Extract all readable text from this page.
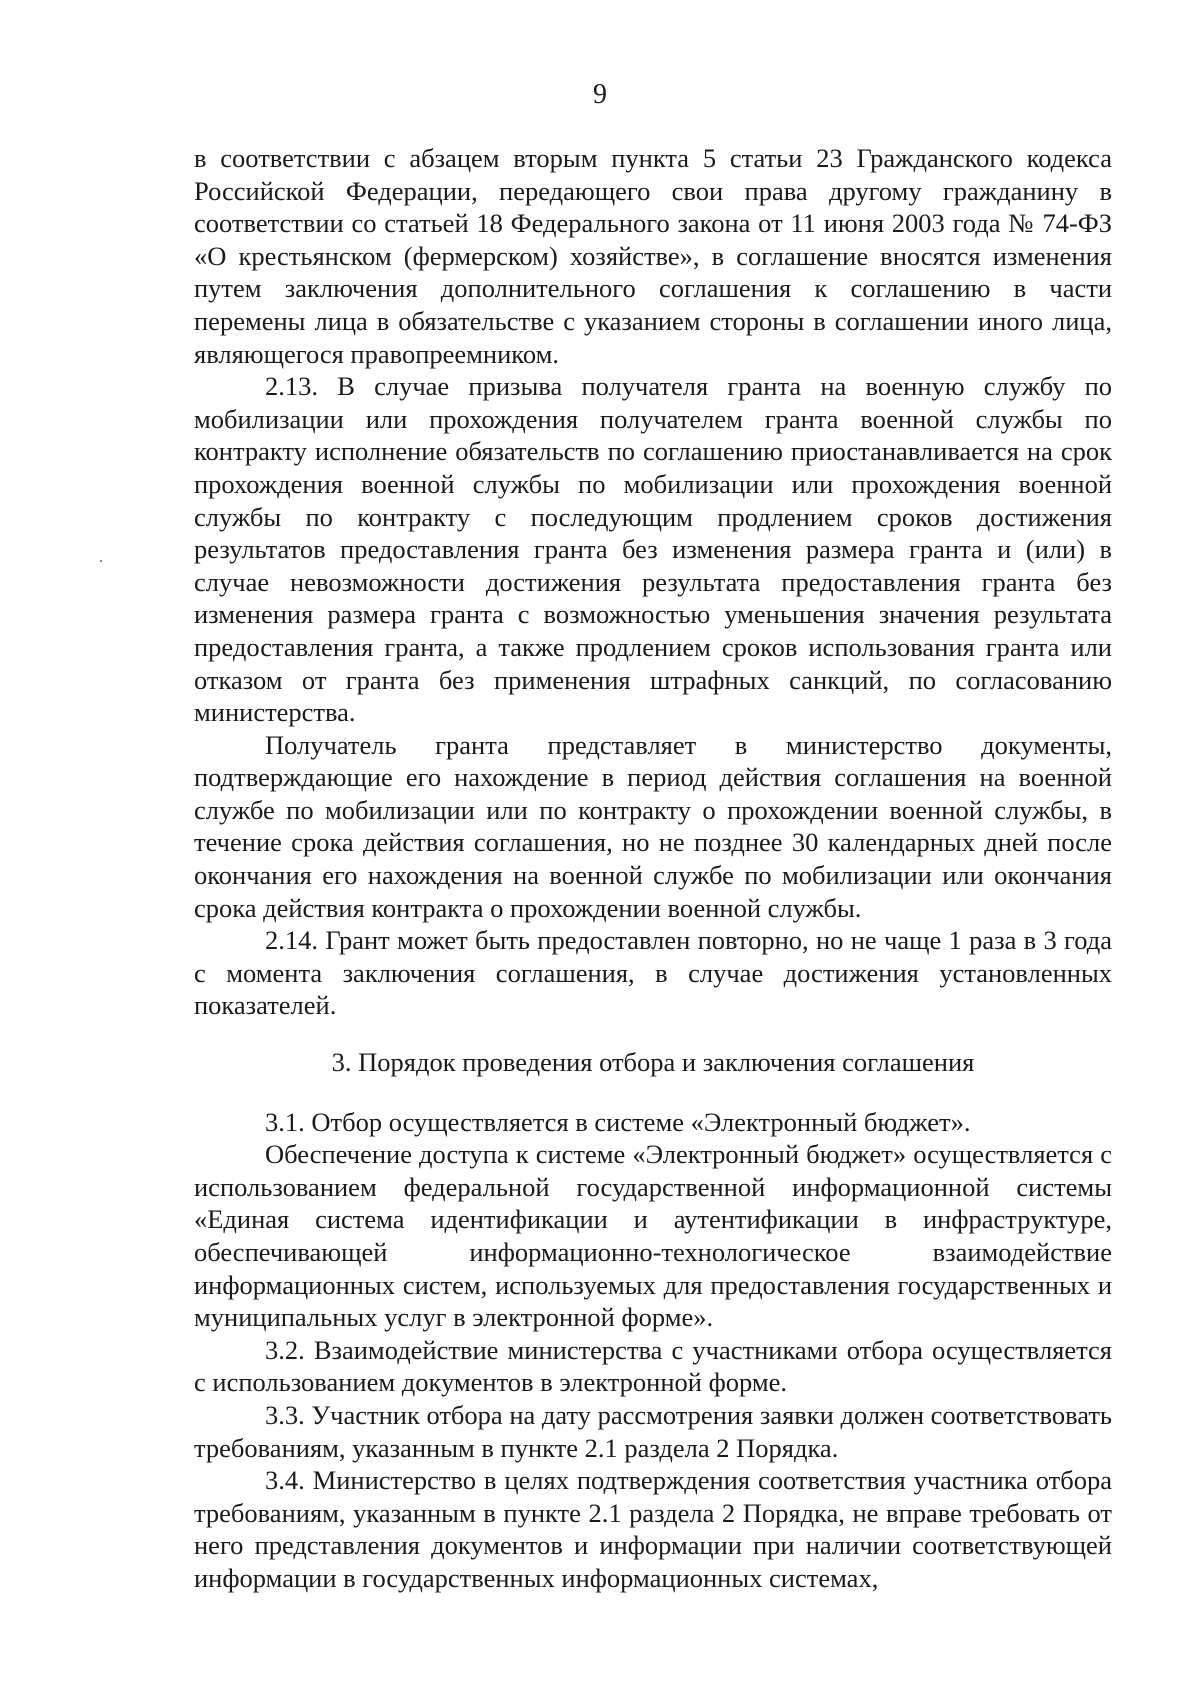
9

в соответствии с абзацем вторым пункта 5 статьи 23 Гражданского кодекса Российской Федерации, передающего свои права другому гражданину в соответствии со статьей 18 Федерального закона от 11 июня 2003 года № 74-ФЗ «О крестьянском (фермерском) хозяйстве», в соглашение вносятся изменения путем заключения дополнительного соглашения к соглашению в части перемены лица в обязательстве с указанием стороны в соглашении иного лица, являющегося правопреемником.

2.13. В случае призыва получателя гранта на военную службу по мобилизации или прохождения получателем гранта военной службы по контракту исполнение обязательств по соглашению приостанавливается на срок прохождения военной службы по мобилизации или прохождения военной службы по контракту с последующим продлением сроков достижения результатов предоставления гранта без изменения размера гранта и (или) в случае невозможности достижения результата предоставления гранта без изменения размера гранта с возможностью уменьшения значения результата предоставления гранта, а также продлением сроков использования гранта или отказом от гранта без применения штрафных санкций, по согласованию министерства.

Получатель гранта представляет в министерство документы, подтверждающие его нахождение в период действия соглашения на военной службе по мобилизации или по контракту о прохождении военной службы, в течение срока действия соглашения, но не позднее 30 календарных дней после окончания его нахождения на военной службе по мобилизации или окончания срока действия контракта о прохождении военной службы.

2.14. Грант может быть предоставлен повторно, но не чаще 1 раза в 3 года с момента заключения соглашения, в случае достижения установленных показателей.

3. Порядок проведения отбора и заключения соглашения

3.1. Отбор осуществляется в системе «Электронный бюджет».

Обеспечение доступа к системе «Электронный бюджет» осуществляется с использованием федеральной государственной информационной системы «Единая система идентификации и аутентификации в инфраструктуре, обеспечивающей информационно-технологическое взаимодействие информационных систем, используемых для предоставления государственных и муниципальных услуг в электронной форме».

3.2. Взаимодействие министерства с участниками отбора осуществляется с использованием документов в электронной форме.

3.3. Участник отбора на дату рассмотрения заявки должен соответствовать требованиям, указанным в пункте 2.1 раздела 2 Порядка.

3.4. Министерство в целях подтверждения соответствия участника отбора требованиям, указанным в пункте 2.1 раздела 2 Порядка, не вправе требовать от него представления документов и информации при наличии соответствующей информации в государственных информационных системах,
